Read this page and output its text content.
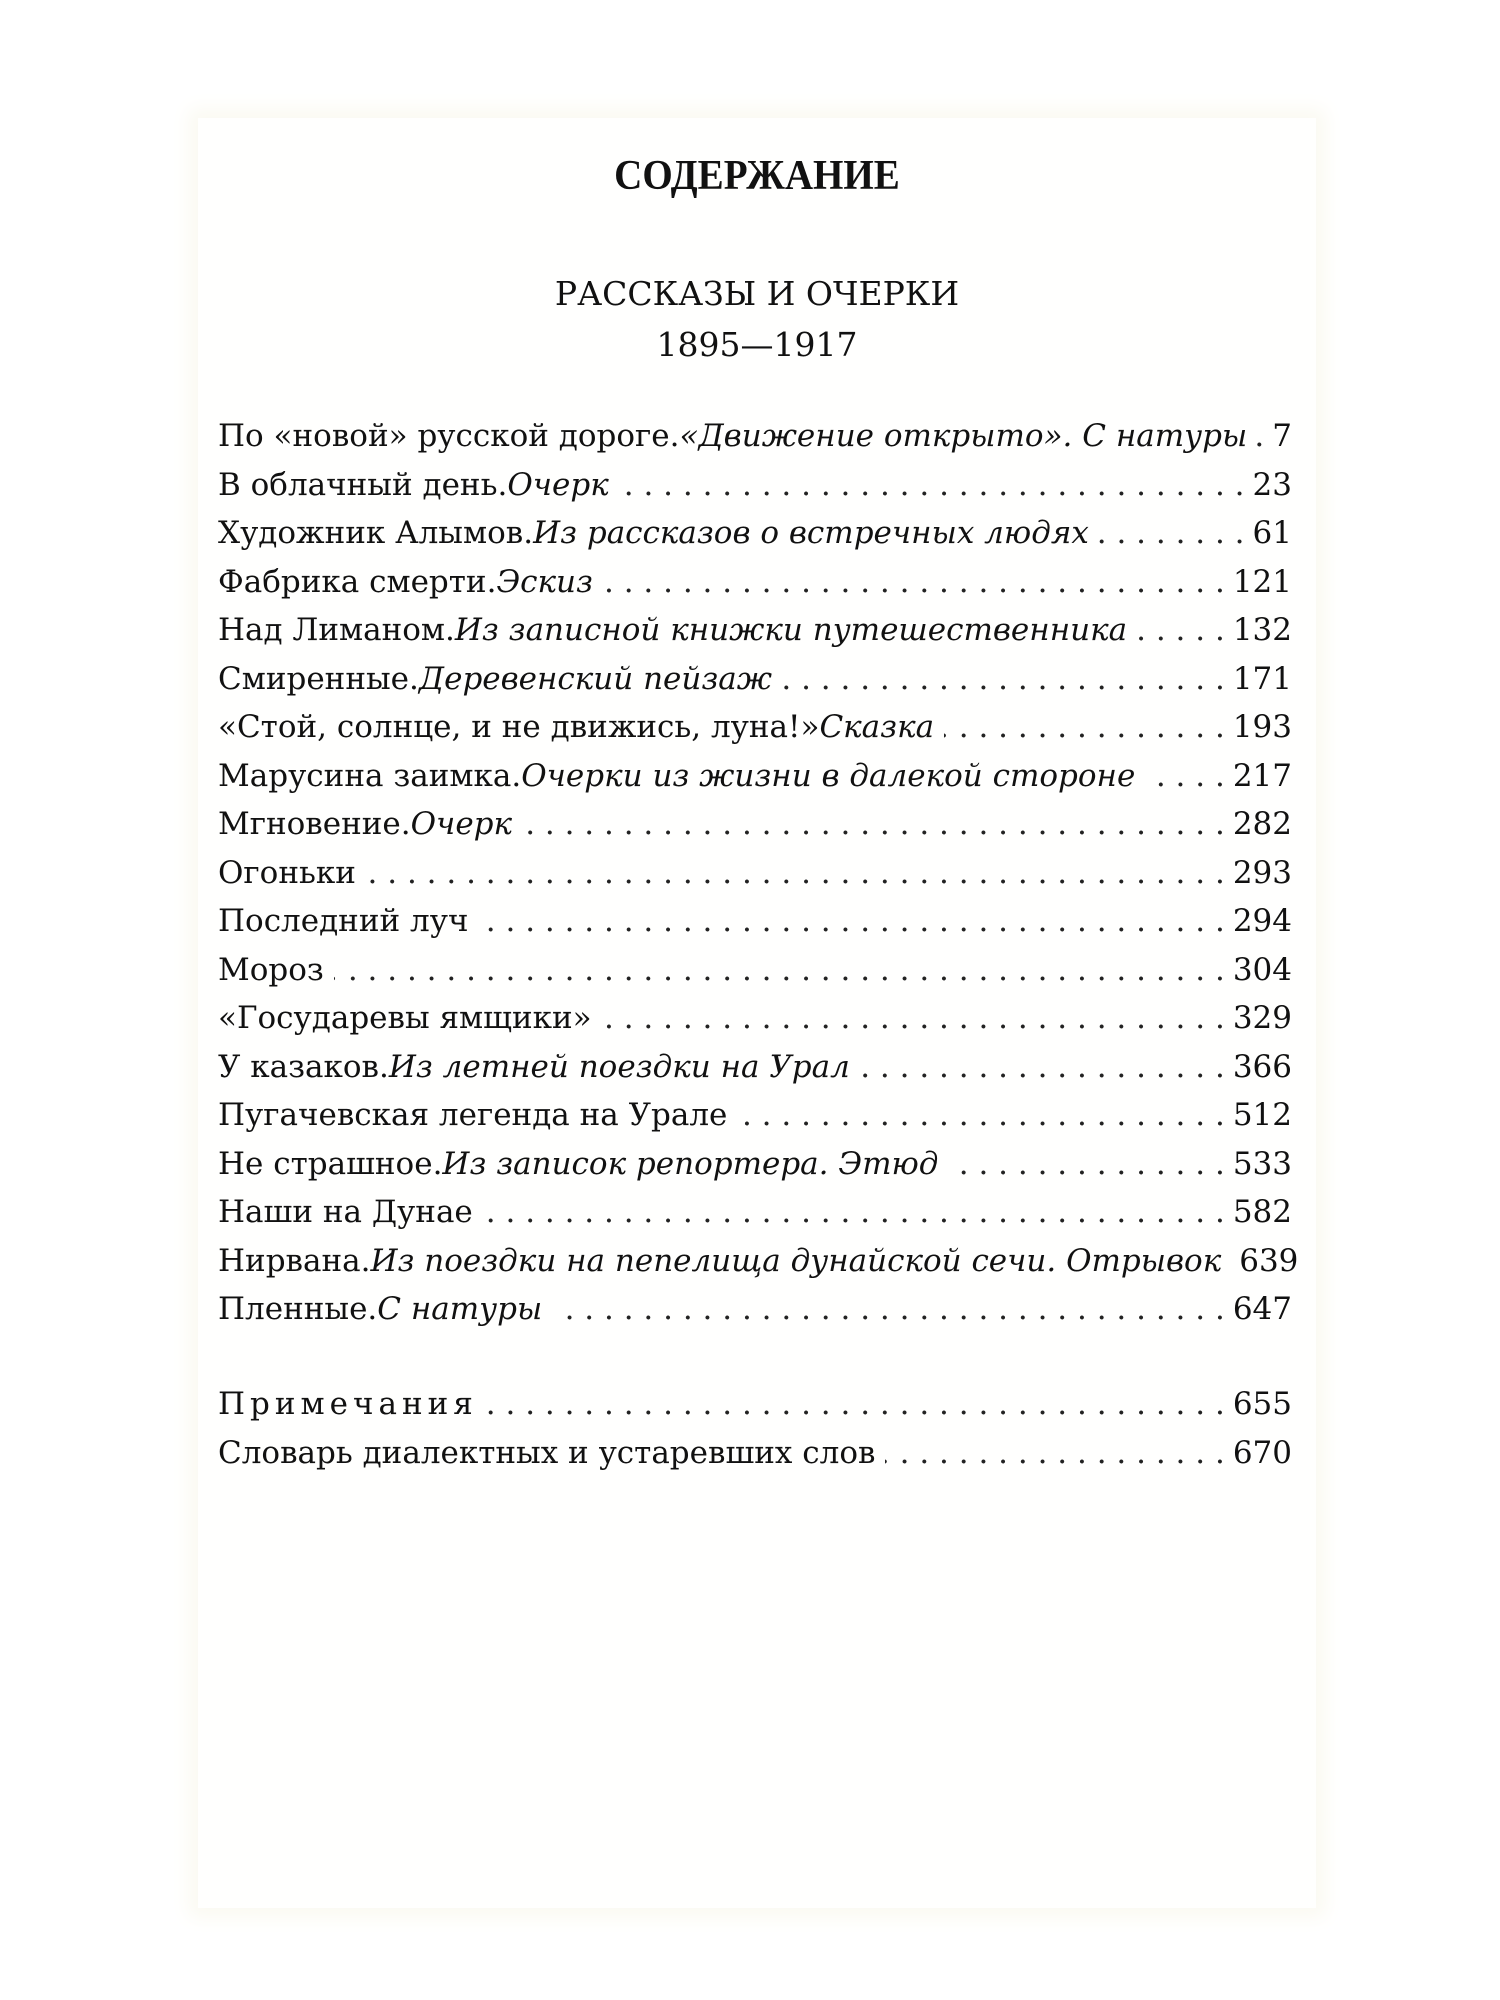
СОДЕРЖАНИЕ
РАССКАЗЫ И ОЧЕРКИ
1895—1917
По «новой» русской дороге. «Движение открыто». С натуры . . . 7
В облачный день. Очерк . . .	23
Художник Алымов. Из рассказов о встречных людях . . .	61
Фабрика смерти. Эскиз . . .	121
Над Лиманом. Из записной книжки путешественника . . .	132
Смиренные. Деревенский пейзаж . . .	171
«Стой, солнце, и не движись, луна!» Сказка . . .	193
Марусина заимка. Очерки из жизни в далекой стороне . . .	217
Мгновение. Очерк . . .	282
Огоньки . . .	293
Последний луч . . .	294
Мороз . . .	304
«Государевы ямщики» . . .	329
У казаков. Из летней поездки на Урал . . .	366
Пугачевская легенда на Урале . . .	512
Не страшное. Из записок репортера. Этюд . . .	533
Наши на Дунае . . .	582
Нирвана. Из поездки на пепелища дунайской сечи. Отрывок 639
Пленные. С натуры . . .	647
Примечания . . .	655
Словарь диалектных и устаревших слов . . .	670
